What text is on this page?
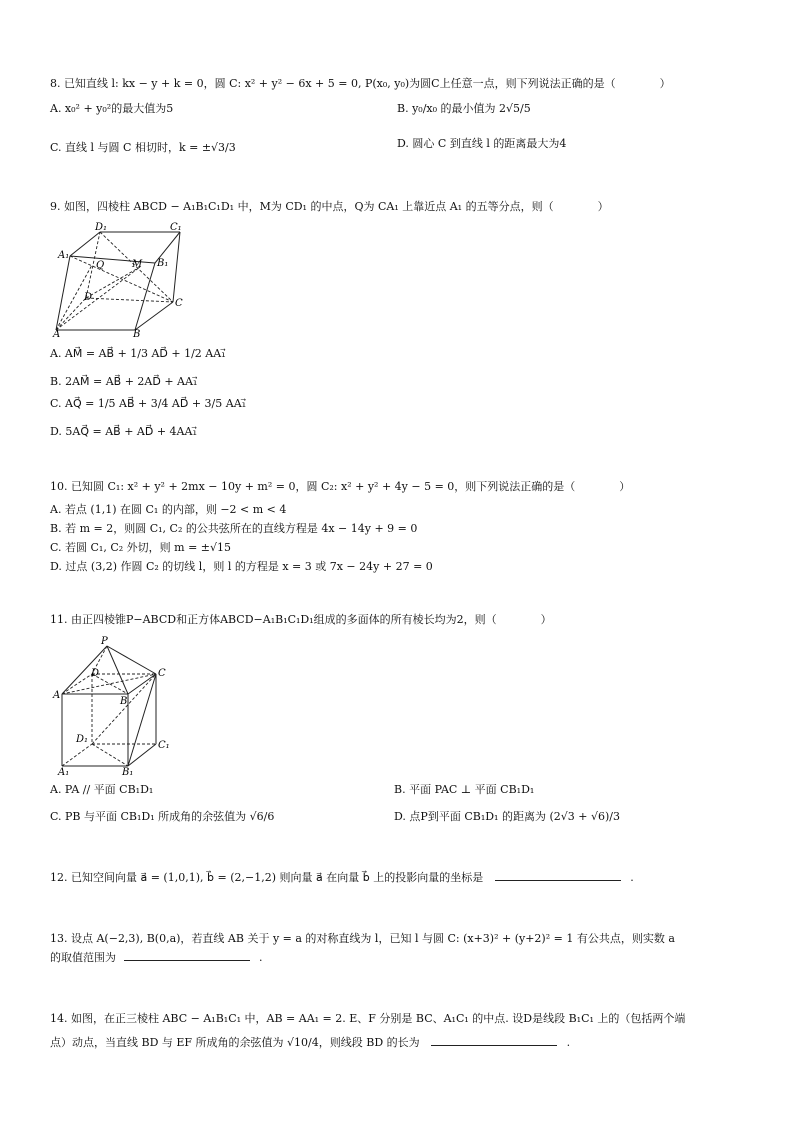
8. 已知直线 l: kx − y + k = 0，圆 C: x² + y² − 6x + 5 = 0, P(x₀, y₀)为圆C上任意一点，则下列说法正确的是（　　　　）
A. x₀² + y₀²的最大值为5	B. y₀/x₀ 的最小值为 2√5/5
C. 直线 l 与圆 C 相切时，k = ±√3/3	D. 圆心 C 到直线 l 的距离最大为4
9. 如图，四棱柱 ABCD − A₁B₁C₁D₁ 中，M为 CD₁ 的中点，Q为 CA₁ 上靠近点 A₁ 的五等分点，则（　　　　）
D₁	C₁
A₁
B₁
Q	M
D
C
A	B
A. AM⃗ = AB⃗ + 1/3 AD⃗ + 1/2 AA₁⃗
B. 2AM⃗ = AB⃗ + 2AD⃗ + AA₁⃗
C. AQ⃗ = 1/5 AB⃗ + 3/4 AD⃗ + 3/5 AA₁⃗
D. 5AQ⃗ = AB⃗ + AD⃗ + 4AA₁⃗
10. 已知圆 C₁: x² + y² + 2mx − 10y + m² = 0，圆 C₂: x² + y² + 4y − 5 = 0，则下列说法正确的是（　　　　）
A. 若点 (1,1) 在圆 C₁ 的内部，则 −2 < m < 4
B. 若 m = 2，则圆 C₁, C₂ 的公共弦所在的直线方程是 4x − 14y + 9 = 0
C. 若圆 C₁, C₂ 外切，则 m = ±√15
D. 过点 (3,2) 作圆 C₂ 的切线 l，则 l 的方程是 x = 3 或 7x − 24y + 27 = 0
11. 由正四棱锥P−ABCD和正方体ABCD−A₁B₁C₁D₁组成的多面体的所有棱长均为2，则（　　　　）
P
D	C
A
B
D₁
C₁
A₁	B₁
A. PA // 平面 CB₁D₁	B. 平面 PAC ⊥ 平面 CB₁D₁
C. PB 与平面 CB₁D₁ 所成角的余弦值为 √6/6	D. 点P到平面 CB₁D₁ 的距离为 (2√3 + √6)/3
12. 已知空间向量 a⃗ = (1,0,1), b⃗ = (2,−1,2) 则向量 a⃗ 在向量 b⃗ 上的投影向量的坐标是	.
13. 设点 A(−2,3), B(0,a)，若直线 AB 关于 y = a 的对称直线为 l，已知 l 与圆 C: (x+3)² + (y+2)² = 1 有公共点，则实数 a
的取值范围为	.
14. 如图，在正三棱柱 ABC − A₁B₁C₁ 中，AB = AA₁ = 2. E、F 分别是 BC、A₁C₁ 的中点. 设D是线段 B₁C₁ 上的（包括两个端
点）动点，当直线 BD 与 EF 所成角的余弦值为 √10/4，则线段 BD 的长为	.
